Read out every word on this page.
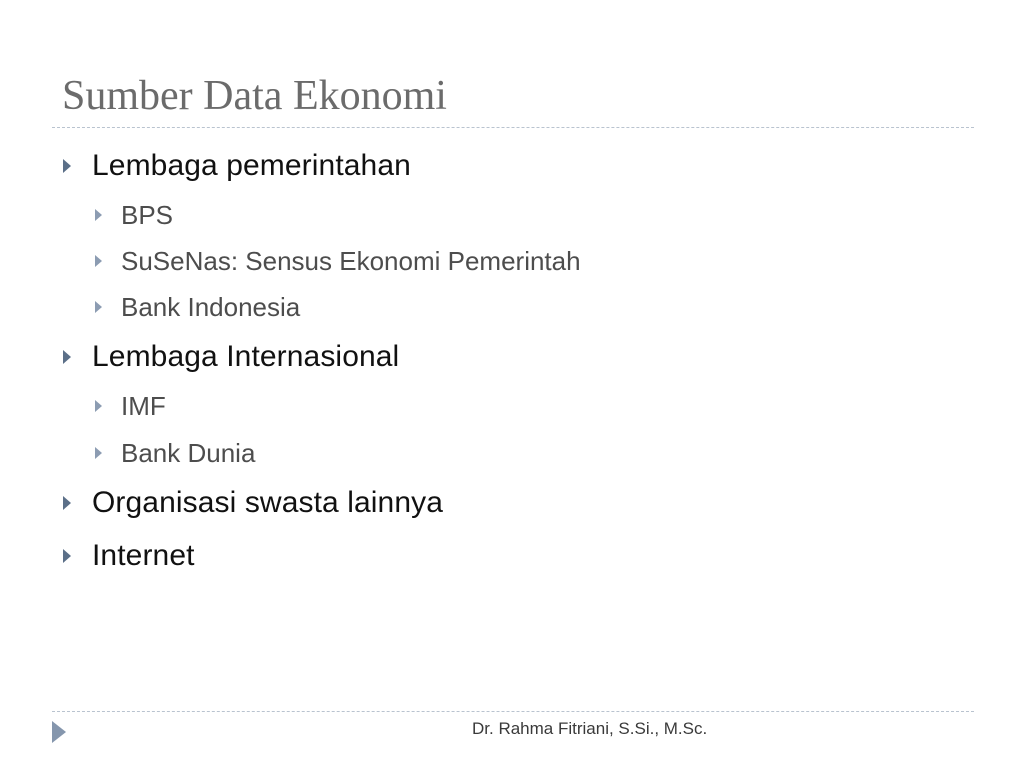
Sumber Data Ekonomi
Lembaga pemerintahan
BPS
SuSeNas: Sensus Ekonomi Pemerintah
Bank Indonesia
Lembaga Internasional
IMF
Bank Dunia
Organisasi swasta lainnya
Internet
Dr. Rahma Fitriani, S.Si., M.Sc.
